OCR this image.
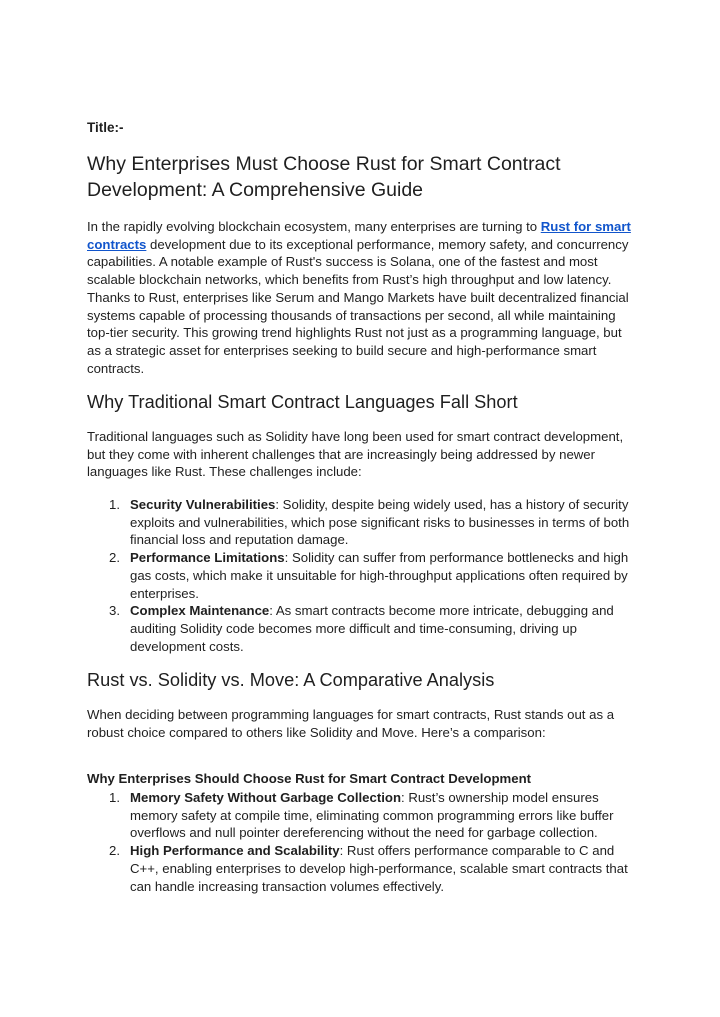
Title:-

Why Enterprises Must Choose Rust for Smart Contract Development: A Comprehensive Guide

In the rapidly evolving blockchain ecosystem, many enterprises are turning to Rust for smart contracts development due to its exceptional performance, memory safety, and concurrency capabilities. A notable example of Rust's success is Solana, one of the fastest and most scalable blockchain networks, which benefits from Rust’s high throughput and low latency. Thanks to Rust, enterprises like Serum and Mango Markets have built decentralized financial systems capable of processing thousands of transactions per second, all while maintaining top-tier security. This growing trend highlights Rust not just as a programming language, but as a strategic asset for enterprises seeking to build secure and high-performance smart contracts.

Why Traditional Smart Contract Languages Fall Short

Traditional languages such as Solidity have long been used for smart contract development, but they come with inherent challenges that are increasingly being addressed by newer languages like Rust. These challenges include:

1. Security Vulnerabilities: Solidity, despite being widely used, has a history of security exploits and vulnerabilities, which pose significant risks to businesses in terms of both financial loss and reputation damage.
2. Performance Limitations: Solidity can suffer from performance bottlenecks and high gas costs, which make it unsuitable for high-throughput applications often required by enterprises.
3. Complex Maintenance: As smart contracts become more intricate, debugging and auditing Solidity code becomes more difficult and time-consuming, driving up development costs.
Rust vs. Solidity vs. Move: A Comparative Analysis

When deciding between programming languages for smart contracts, Rust stands out as a robust choice compared to others like Solidity and Move. Here’s a comparison:

Why Enterprises Should Choose Rust for Smart Contract Development

1. Memory Safety Without Garbage Collection: Rust’s ownership model ensures memory safety at compile time, eliminating common programming errors like buffer overflows and null pointer dereferencing without the need for garbage collection.
2. High Performance and Scalability: Rust offers performance comparable to C and C++, enabling enterprises to develop high-performance, scalable smart contracts that can handle increasing transaction volumes effectively.
